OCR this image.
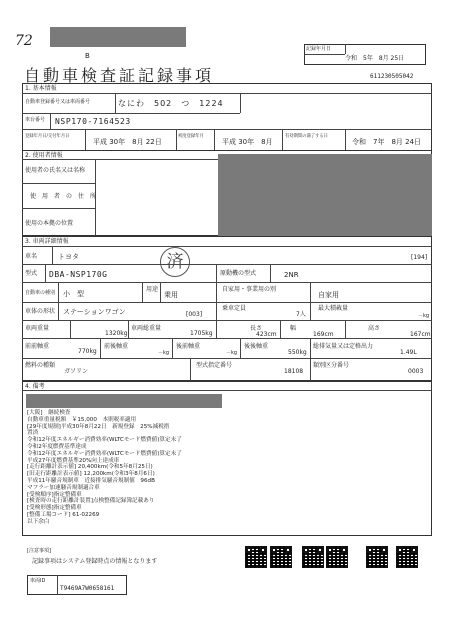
72
B
記録年月日
令和　5年　8月 25日
自動車検査証記録事項	611230505042
1. 基本情報
自動車登録番号又は車両番号	なにわ　502　つ　1224
車台番号 NSP170-7164523
登録年月日/交付年月日
平成 30年　8月 22日
初度登録年月
平成 30年　8月
有効期間の満了する日
令和　7年　8月 24日
2. 使用者情報
使用者の氏名又は名称
使　用　者　の　住　所
使用の本拠の位置
3. 車両詳細情報
車名	トヨタ	[194]
済
型式 DBA-NSP170G	原動機の型式	2NR
自動車の種別 小　型
用途
乗用
自家用・事業用の別
自家用
車体の形状 ステーションワゴン	[003]
乗車定員
7人
最大積載量
－kg
車両重量
1320kg
車両総重量
1705kg
長さ
423cm
幅
169cm
高さ
167cm
前前軸重
770kg
前後軸重
－kg
後前軸重
－kg
後後軸重
550kg
総排気量又は定格出力
1.49L
燃料の種類
ガソリン
型式指定番号
18108
類別区分番号
0003
4. 備考
[大阪]　継続検査
自動車重量税額　￥15,000　本則税率適用
[29年度規制]平成30年8月22日　新規登録　25%減税措
置済
令和12年度エネルギー消費効率(WLTCモード燃費値)算定未了
令和2年度燃費基準達成
令和12年度エネルギー消費効率(WLTCモード燃費値)算定未了
平成27年度燃費基準20%向上達成車
[走行距離計表示値] 20,400km(令和5年8月25日)
[旧走行距離計表示値] 12,200km(令和3年8月6日)
平成11年騒音規制車　近接排気騒音規制値　96dB
マフラー加速騒音規制適合車
[受検順序]指定整備車
[検査時の走行距離計装置]点検整備記録簿記載あり
[受検形態]指定整備車
[整備工場コード] 61-02269
以下余白
[注意事項]
記録事項はシステム登録時点の情報となります
車両ID
T9469A7W0658161
